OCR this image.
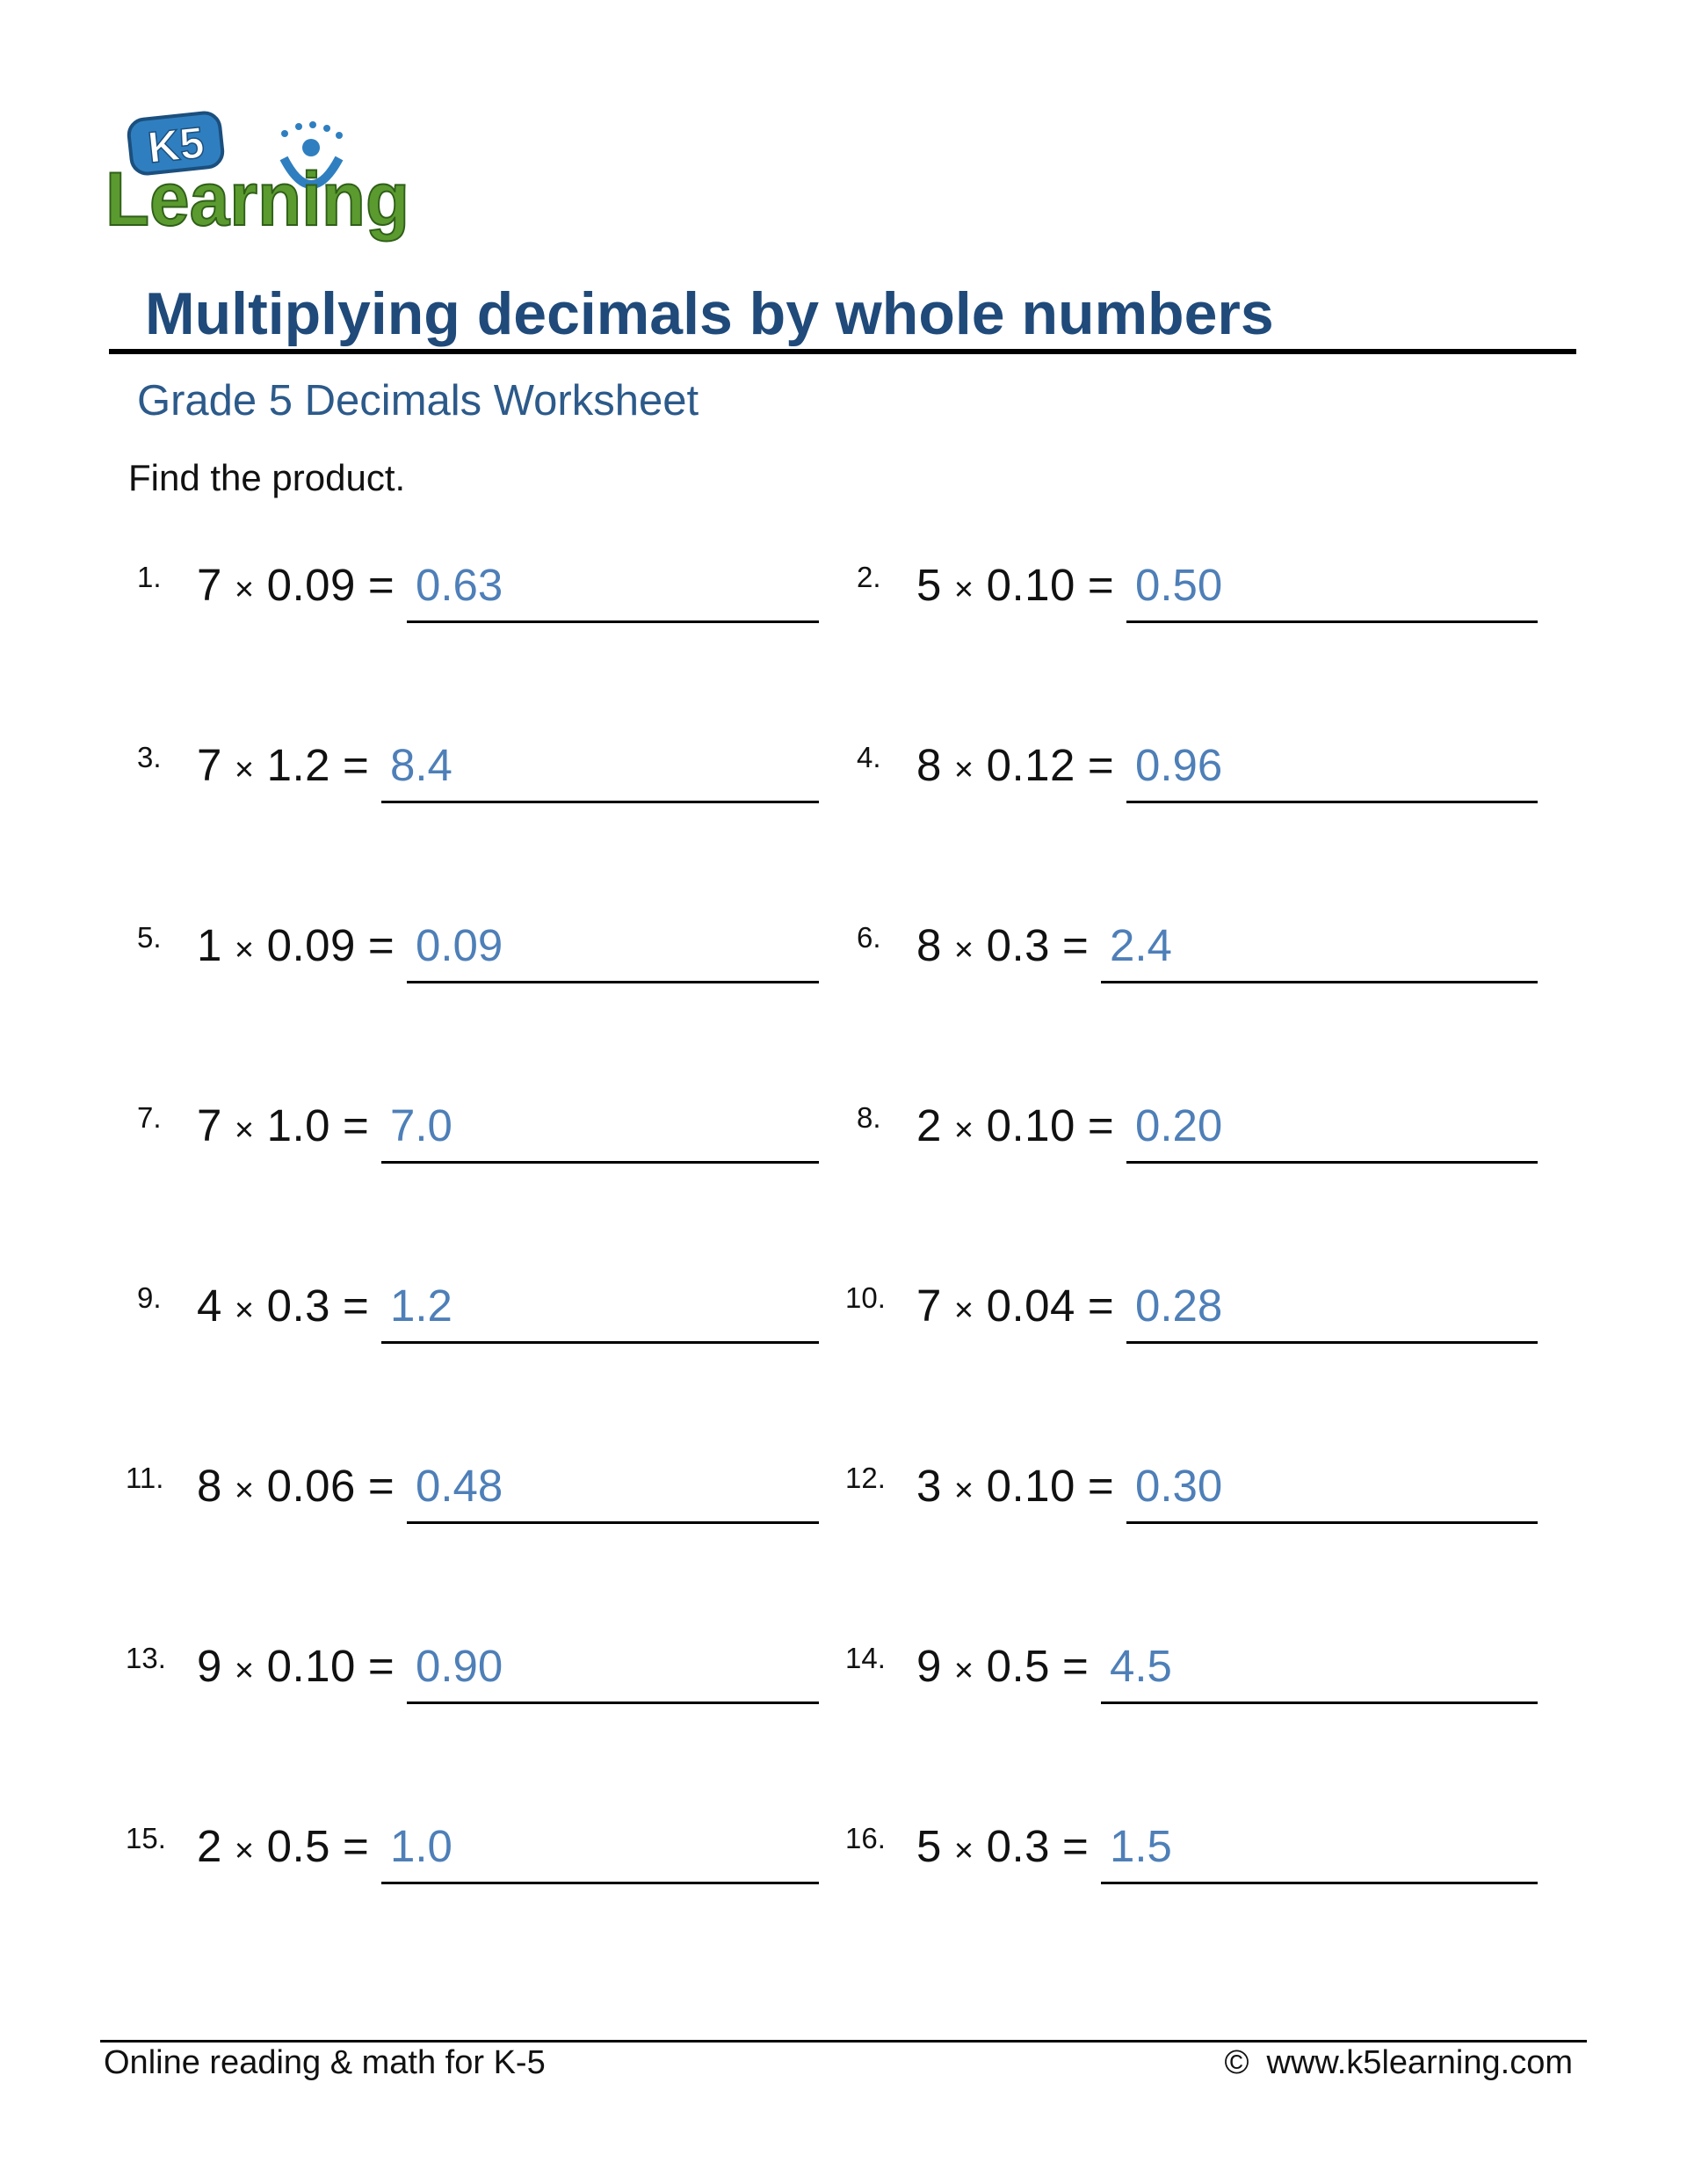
K5
Learning
Multiplying decimals by whole numbers
Grade 5 Decimals Worksheet
Find the product.
1. 7 × 0.09 = 0.63	2. 5 × 0.10 = 0.50
3. 7 × 1.2 = 8.4	4. 8 × 0.12 = 0.96
5. 1 × 0.09 = 0.09	6. 8 × 0.3 = 2.4
7. 7 × 1.0 = 7.0	8. 2 × 0.10 = 0.20
9. 4 × 0.3 = 1.2	10. 7 × 0.04 = 0.28
11. 8 × 0.06 = 0.48	12. 3 × 0.10 = 0.30
13. 9 × 0.10 = 0.90	14. 9 × 0.5 = 4.5
15. 2 × 0.5 = 1.0	16. 5 × 0.3 = 1.5
Online reading & math for K-5	© www.k5learning.com
